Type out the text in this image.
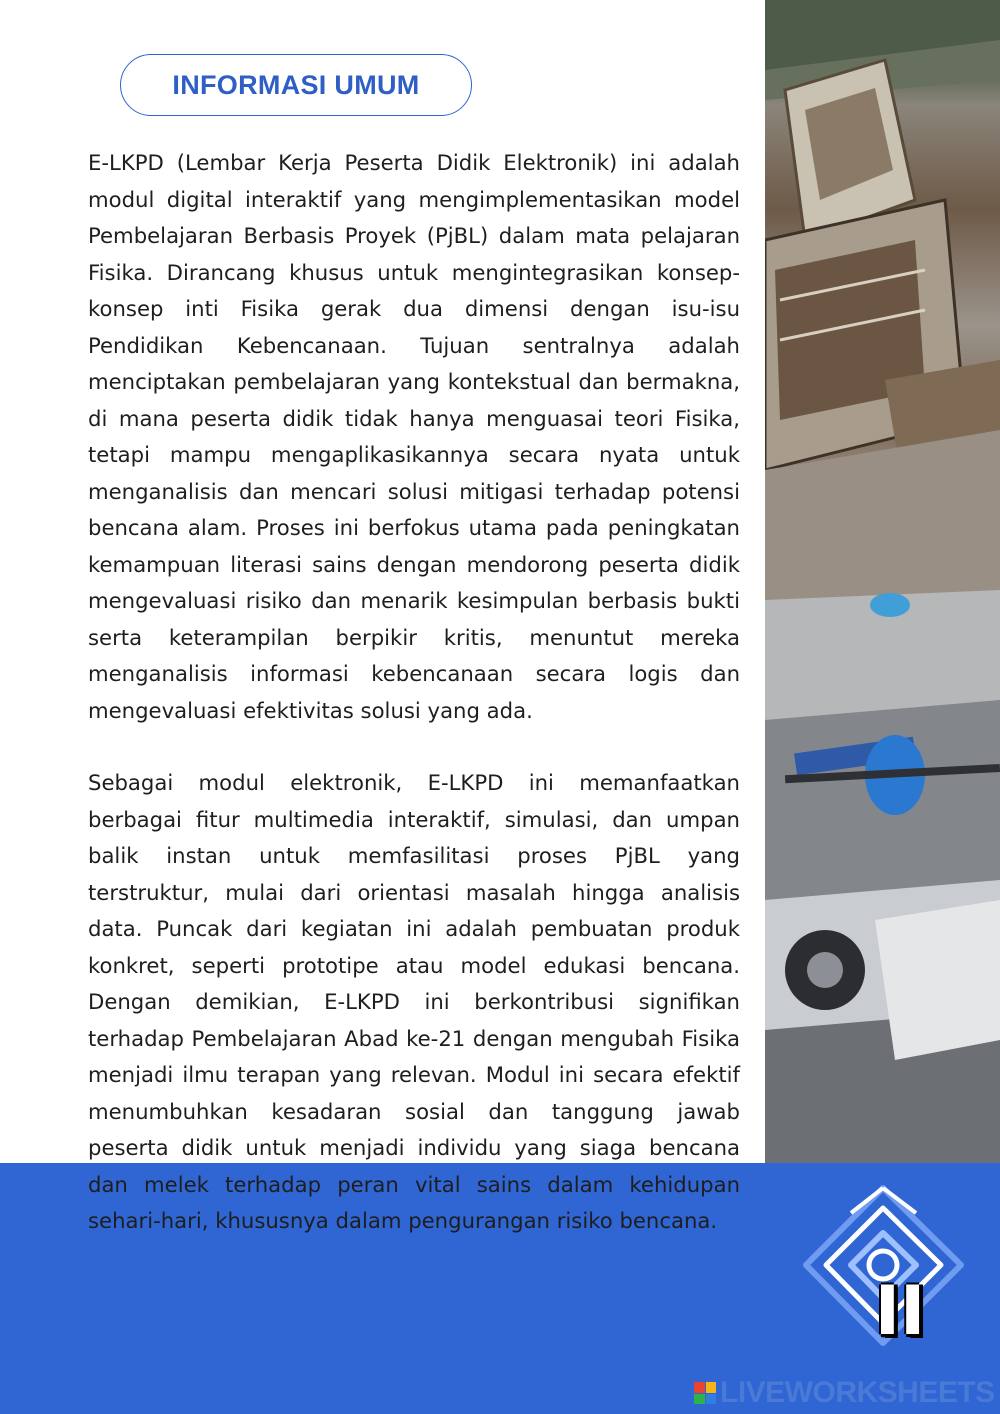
INFORMASI UMUM

E-LKPD (Lembar Kerja Peserta Didik Elektronik) ini adalah modul digital interaktif yang mengimplementasikan model Pembelajaran Berbasis Proyek (PjBL) dalam mata pelajaran Fisika. Dirancang khusus untuk mengintegrasikan konsep-konsep inti Fisika gerak dua dimensi dengan isu-isu Pendidikan Kebencanaan. Tujuan sentralnya adalah menciptakan pembelajaran yang kontekstual dan bermakna, di mana peserta didik tidak hanya menguasai teori Fisika, tetapi mampu mengaplikasikannya secara nyata untuk menganalisis dan mencari solusi mitigasi terhadap potensi bencana alam. Proses ini berfokus utama pada peningkatan kemampuan literasi sains dengan mendorong peserta didik mengevaluasi risiko dan menarik kesimpulan berbasis bukti serta keterampilan berpikir kritis, menuntut mereka menganalisis informasi kebencanaan secara logis dan mengevaluasi efektivitas solusi yang ada.

Sebagai modul elektronik, E-LKPD ini memanfaatkan berbagai fitur multimedia interaktif, simulasi, dan umpan balik instan untuk memfasilitasi proses PjBL yang terstruktur, mulai dari orientasi masalah hingga analisis data. Puncak dari kegiatan ini adalah pembuatan produk konkret, seperti prototipe atau model edukasi bencana. Dengan demikian, E-LKPD ini berkontribusi signifikan terhadap Pembelajaran Abad ke-21 dengan mengubah Fisika menjadi ilmu terapan yang relevan. Modul ini secara efektif menumbuhkan kesadaran sosial dan tanggung jawab peserta didik untuk menjadi individu yang siaga bencana dan melek terhadap peran vital sains dalam kehidupan sehari-hari, khususnya dalam pengurangan risiko bencana.

II
LIVEWORKSHEETS
